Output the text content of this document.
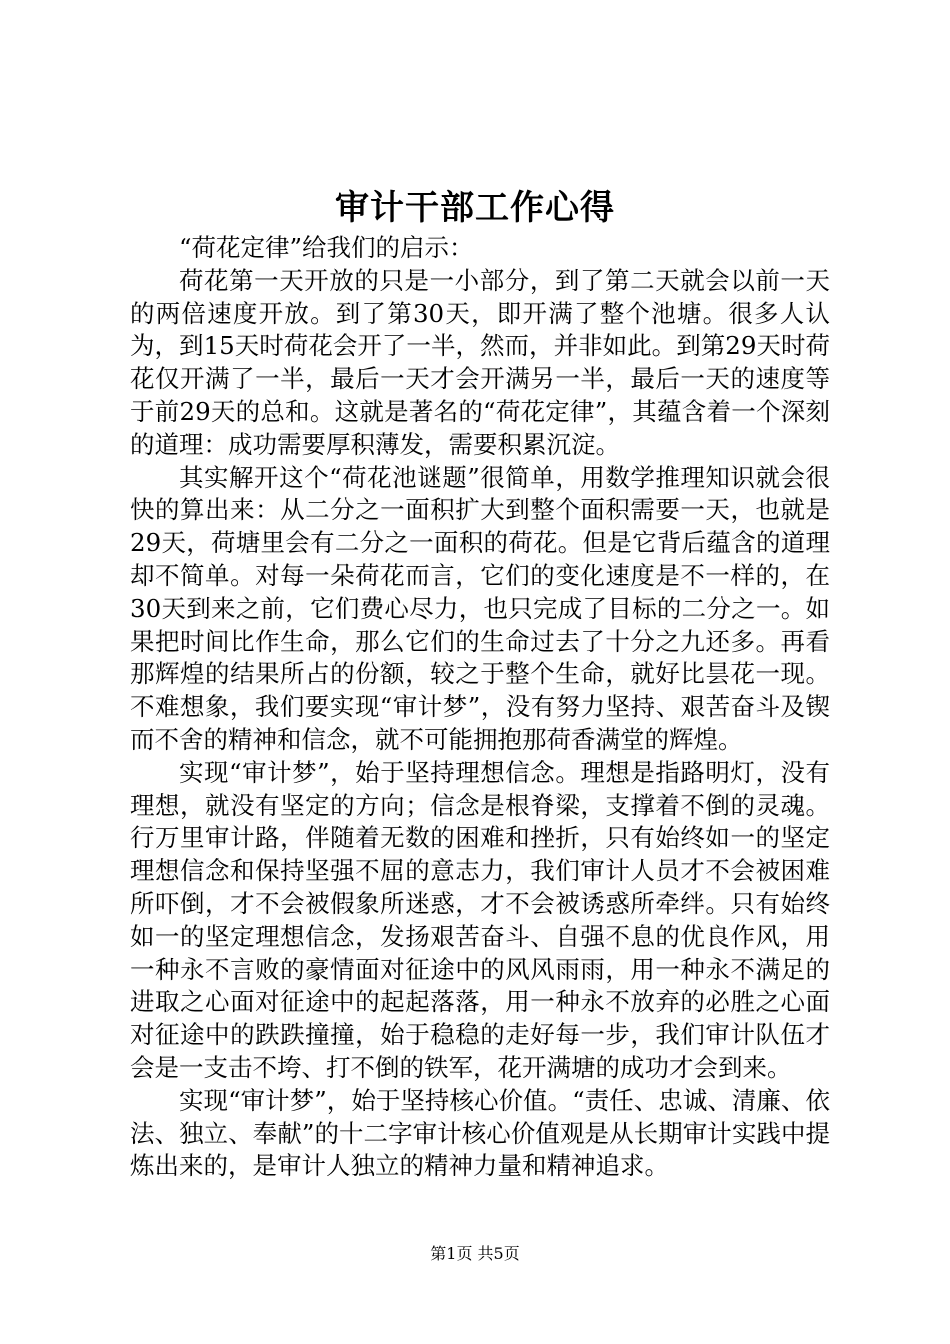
审计干部工作心得

“荷花定律”给我们的启示：

荷花第一天开放的只是一小部分，到了第二天就会以前一天的两倍速度开放。到了第30天，即开满了整个池塘。很多人认为，到15天时荷花会开了一半，然而，并非如此。到第29天时荷花仅开满了一半，最后一天才会开满另一半，最后一天的速度等于前29天的总和。这就是著名的“荷花定律”，其蕴含着一个深刻的道理：成功需要厚积薄发，需要积累沉淀。

其实解开这个“荷花池谜题”很简单，用数学推理知识就会很快的算出来：从二分之一面积扩大到整个面积需要一天，也就是29天，荷塘里会有二分之一面积的荷花。但是它背后蕴含的道理却不简单。对每一朵荷花而言，它们的变化速度是不一样的，在30天到来之前，它们费心尽力，也只完成了目标的二分之一。如果把时间比作生命，那么它们的生命过去了十分之九还多。再看那辉煌的结果所占的份额，较之于整个生命，就好比昙花一现。不难想象，我们要实现“审计梦”，没有努力坚持、艰苦奋斗及锲而不舍的精神和信念，就不可能拥抱那荷香满堂的辉煌。

实现“审计梦”，始于坚持理想信念。理想是指路明灯，没有理想，就没有坚定的方向；信念是根脊梁，支撑着不倒的灵魂。行万里审计路，伴随着无数的困难和挫折，只有始终如一的坚定理想信念和保持坚强不屈的意志力，我们审计人员才不会被困难所吓倒，才不会被假象所迷惑，才不会被诱惑所牵绊。只有始终如一的坚定理想信念，发扬艰苦奋斗、自强不息的优良作风，用一种永不言败的豪情面对征途中的风风雨雨，用一种永不满足的进取之心面对征途中的起起落落，用一种永不放弃的必胜之心面对征途中的跌跌撞撞，始于稳稳的走好每一步，我们审计队伍才会是一支击不垮、打不倒的铁军，花开满塘的成功才会到来。

实现“审计梦”，始于坚持核心价值。“责任、忠诚、清廉、依法、独立、奉献”的十二字审计核心价值观是从长期审计实践中提炼出来的，是审计人独立的精神力量和精神追求。

第1页 共5页
